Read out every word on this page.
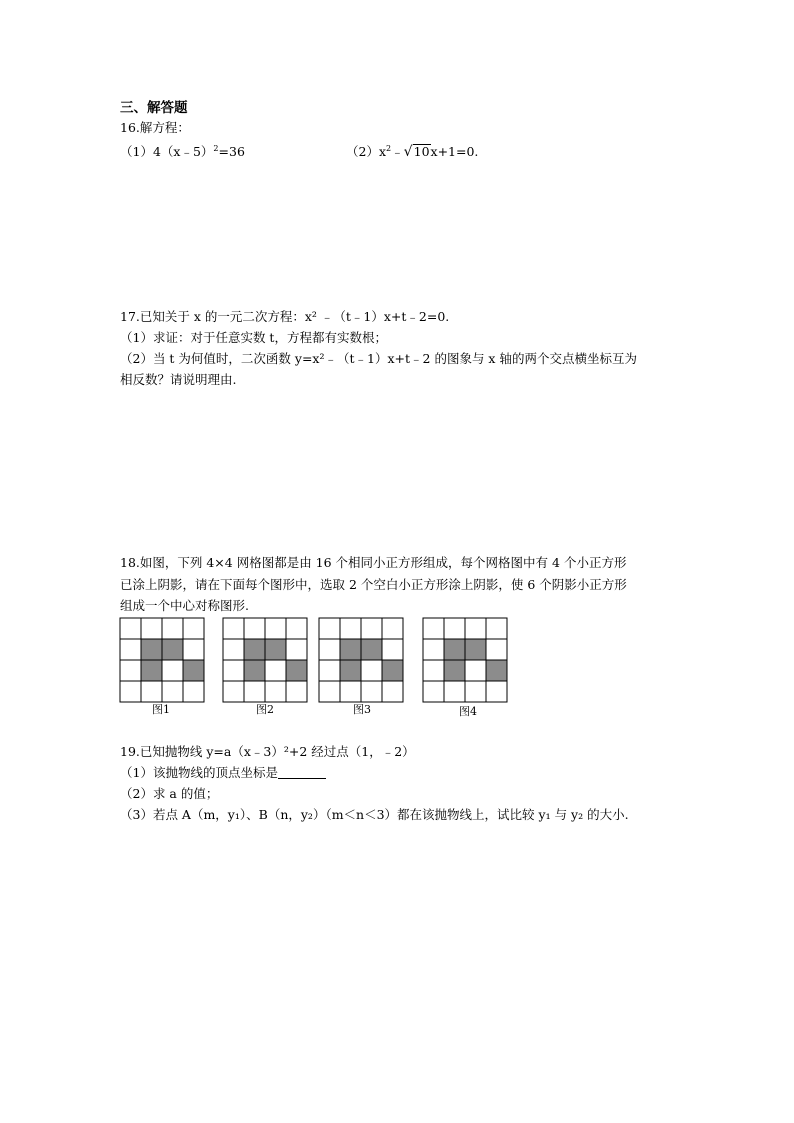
三、解答题
16.解方程：
（1）4（x﹣5）$^2$=36	$(2)x^2﹣$ √ 10x+1=0.
17.已知关于 x 的一元二次方程：x² ﹣（t﹣1）x+t﹣2=0.
（1）求证：对于任意实数 t，方程都有实数根；
（2）当 t 为何值时，二次函数 y=x²﹣（t﹣1）x+t﹣2 的图象与 x 轴的两个交点横坐标互为
相反数？请说明理由.
18.如图，下列 4×4 网格图都是由 16 个相同小正方形组成，每个网格图中有 4 个小正方形
已涂上阴影，请在下面每个图形中，选取 2 个空白小正方形涂上阴影，使 6 个阴影小正方形
组成一个中心对称图形.
图1	图2	图3	图4
19.已知抛物线 y=a（x﹣3）²+2 经过点（1，﹣2）
（1）该抛物线的顶点坐标是
（2）求 a 的值；
（3）若点 A（m，y₁）、B（n，y₂）（m＜n＜3）都在该抛物线上，试比较 y₁ 与 y₂ 的大小.
